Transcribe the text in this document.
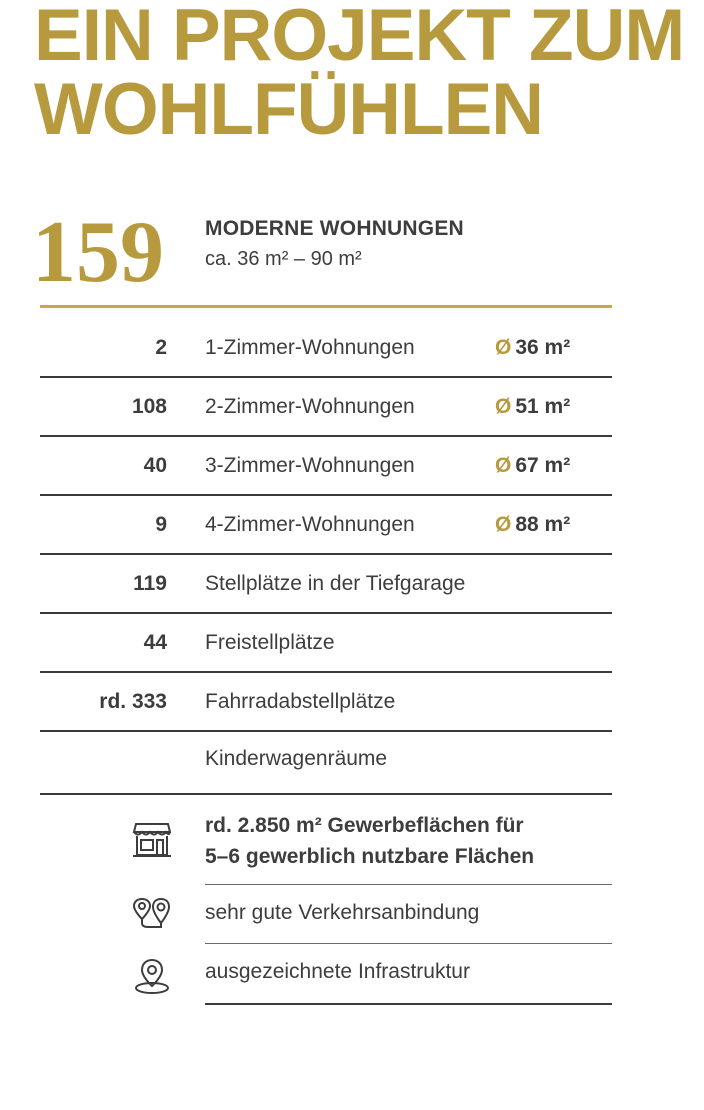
EIN PROJEKT ZUM
WOHLFÜHLEN
159 MODERNE WOHNUNGEN
ca. 36 m² – 90 m²
2 1-Zimmer-Wohnungen	Ø 36 m²
108 2-Zimmer-Wohnungen	Ø 51 m²
40 3-Zimmer-Wohnungen	Ø 67 m²
9 4-Zimmer-Wohnungen	Ø 88 m²
119 Stellplätze in der Tiefgarage
44 Freistellplätze
rd. 333 Fahrradabstellplätze
Kinderwagenräume
rd. 2.850 m² Gewerbeflächen für
5–6 gewerblich nutzbare Flächen
sehr gute Verkehrsanbindung
ausgezeichnete Infrastruktur
